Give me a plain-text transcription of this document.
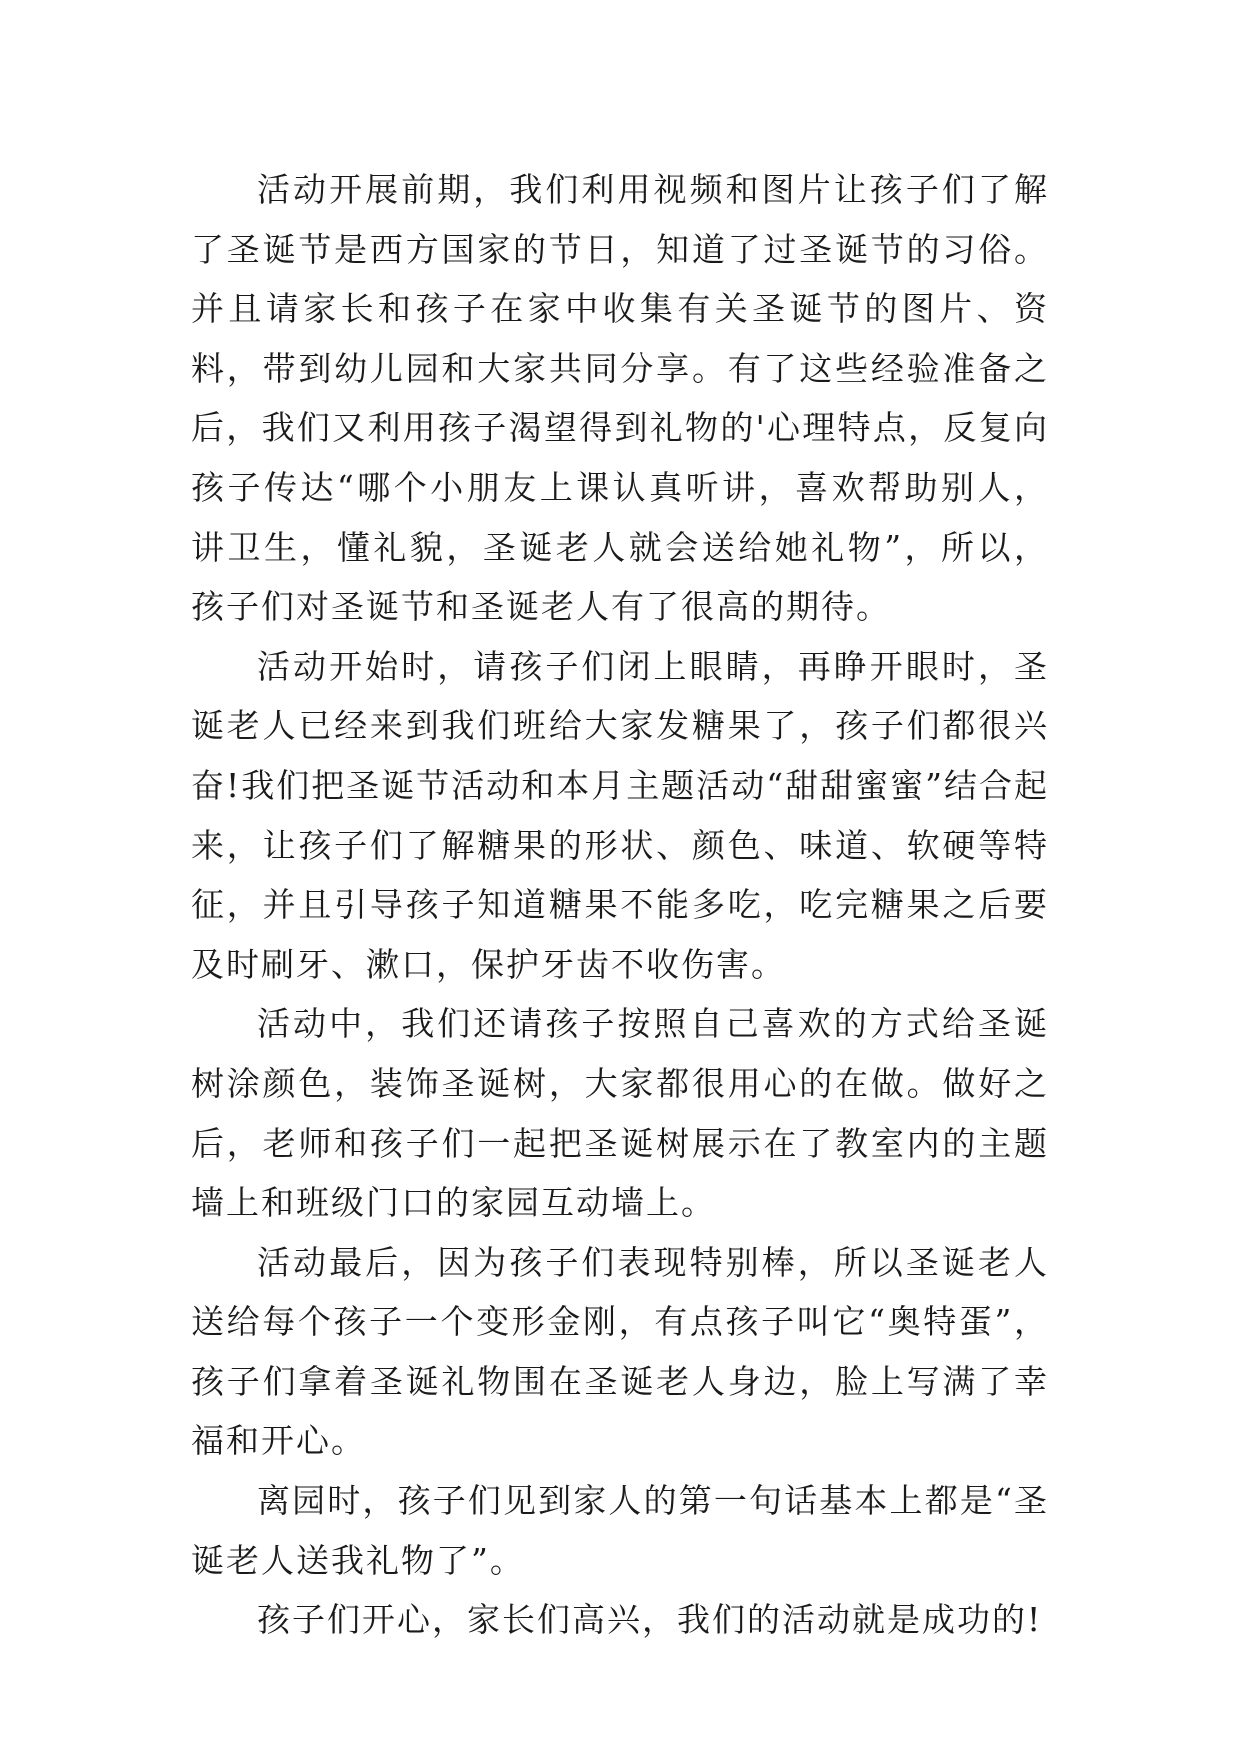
活动开展前期，我们利用视频和图片让孩子们了解了圣诞节是西方国家的节日，知道了过圣诞节的习俗。并且请家长和孩子在家中收集有关圣诞节的图片、资料，带到幼儿园和大家共同分享。有了这些经验准备之后，我们又利用孩子渴望得到礼物的'心理特点，反复向孩子传达“哪个小朋友上课认真听讲，喜欢帮助别人，讲卫生，懂礼貌，圣诞老人就会送给她礼物”，所以，孩子们对圣诞节和圣诞老人有了很高的期待。

活动开始时，请孩子们闭上眼睛，再睁开眼时，圣诞老人已经来到我们班给大家发糖果了，孩子们都很兴奋!我们把圣诞节活动和本月主题活动“甜甜蜜蜜”结合起来，让孩子们了解糖果的形状、颜色、味道、软硬等特征，并且引导孩子知道糖果不能多吃，吃完糖果之后要及时刷牙、漱口，保护牙齿不收伤害。

活动中，我们还请孩子按照自己喜欢的方式给圣诞树涂颜色，装饰圣诞树，大家都很用心的在做。做好之后，老师和孩子们一起把圣诞树展示在了教室内的主题墙上和班级门口的家园互动墙上。

活动最后，因为孩子们表现特别棒，所以圣诞老人送给每个孩子一个变形金刚，有点孩子叫它“奥特蛋”，孩子们拿着圣诞礼物围在圣诞老人身边，脸上写满了幸福和开心。

离园时，孩子们见到家人的第一句话基本上都是“圣诞老人送我礼物了”。

孩子们开心，家长们高兴，我们的活动就是成功的!
